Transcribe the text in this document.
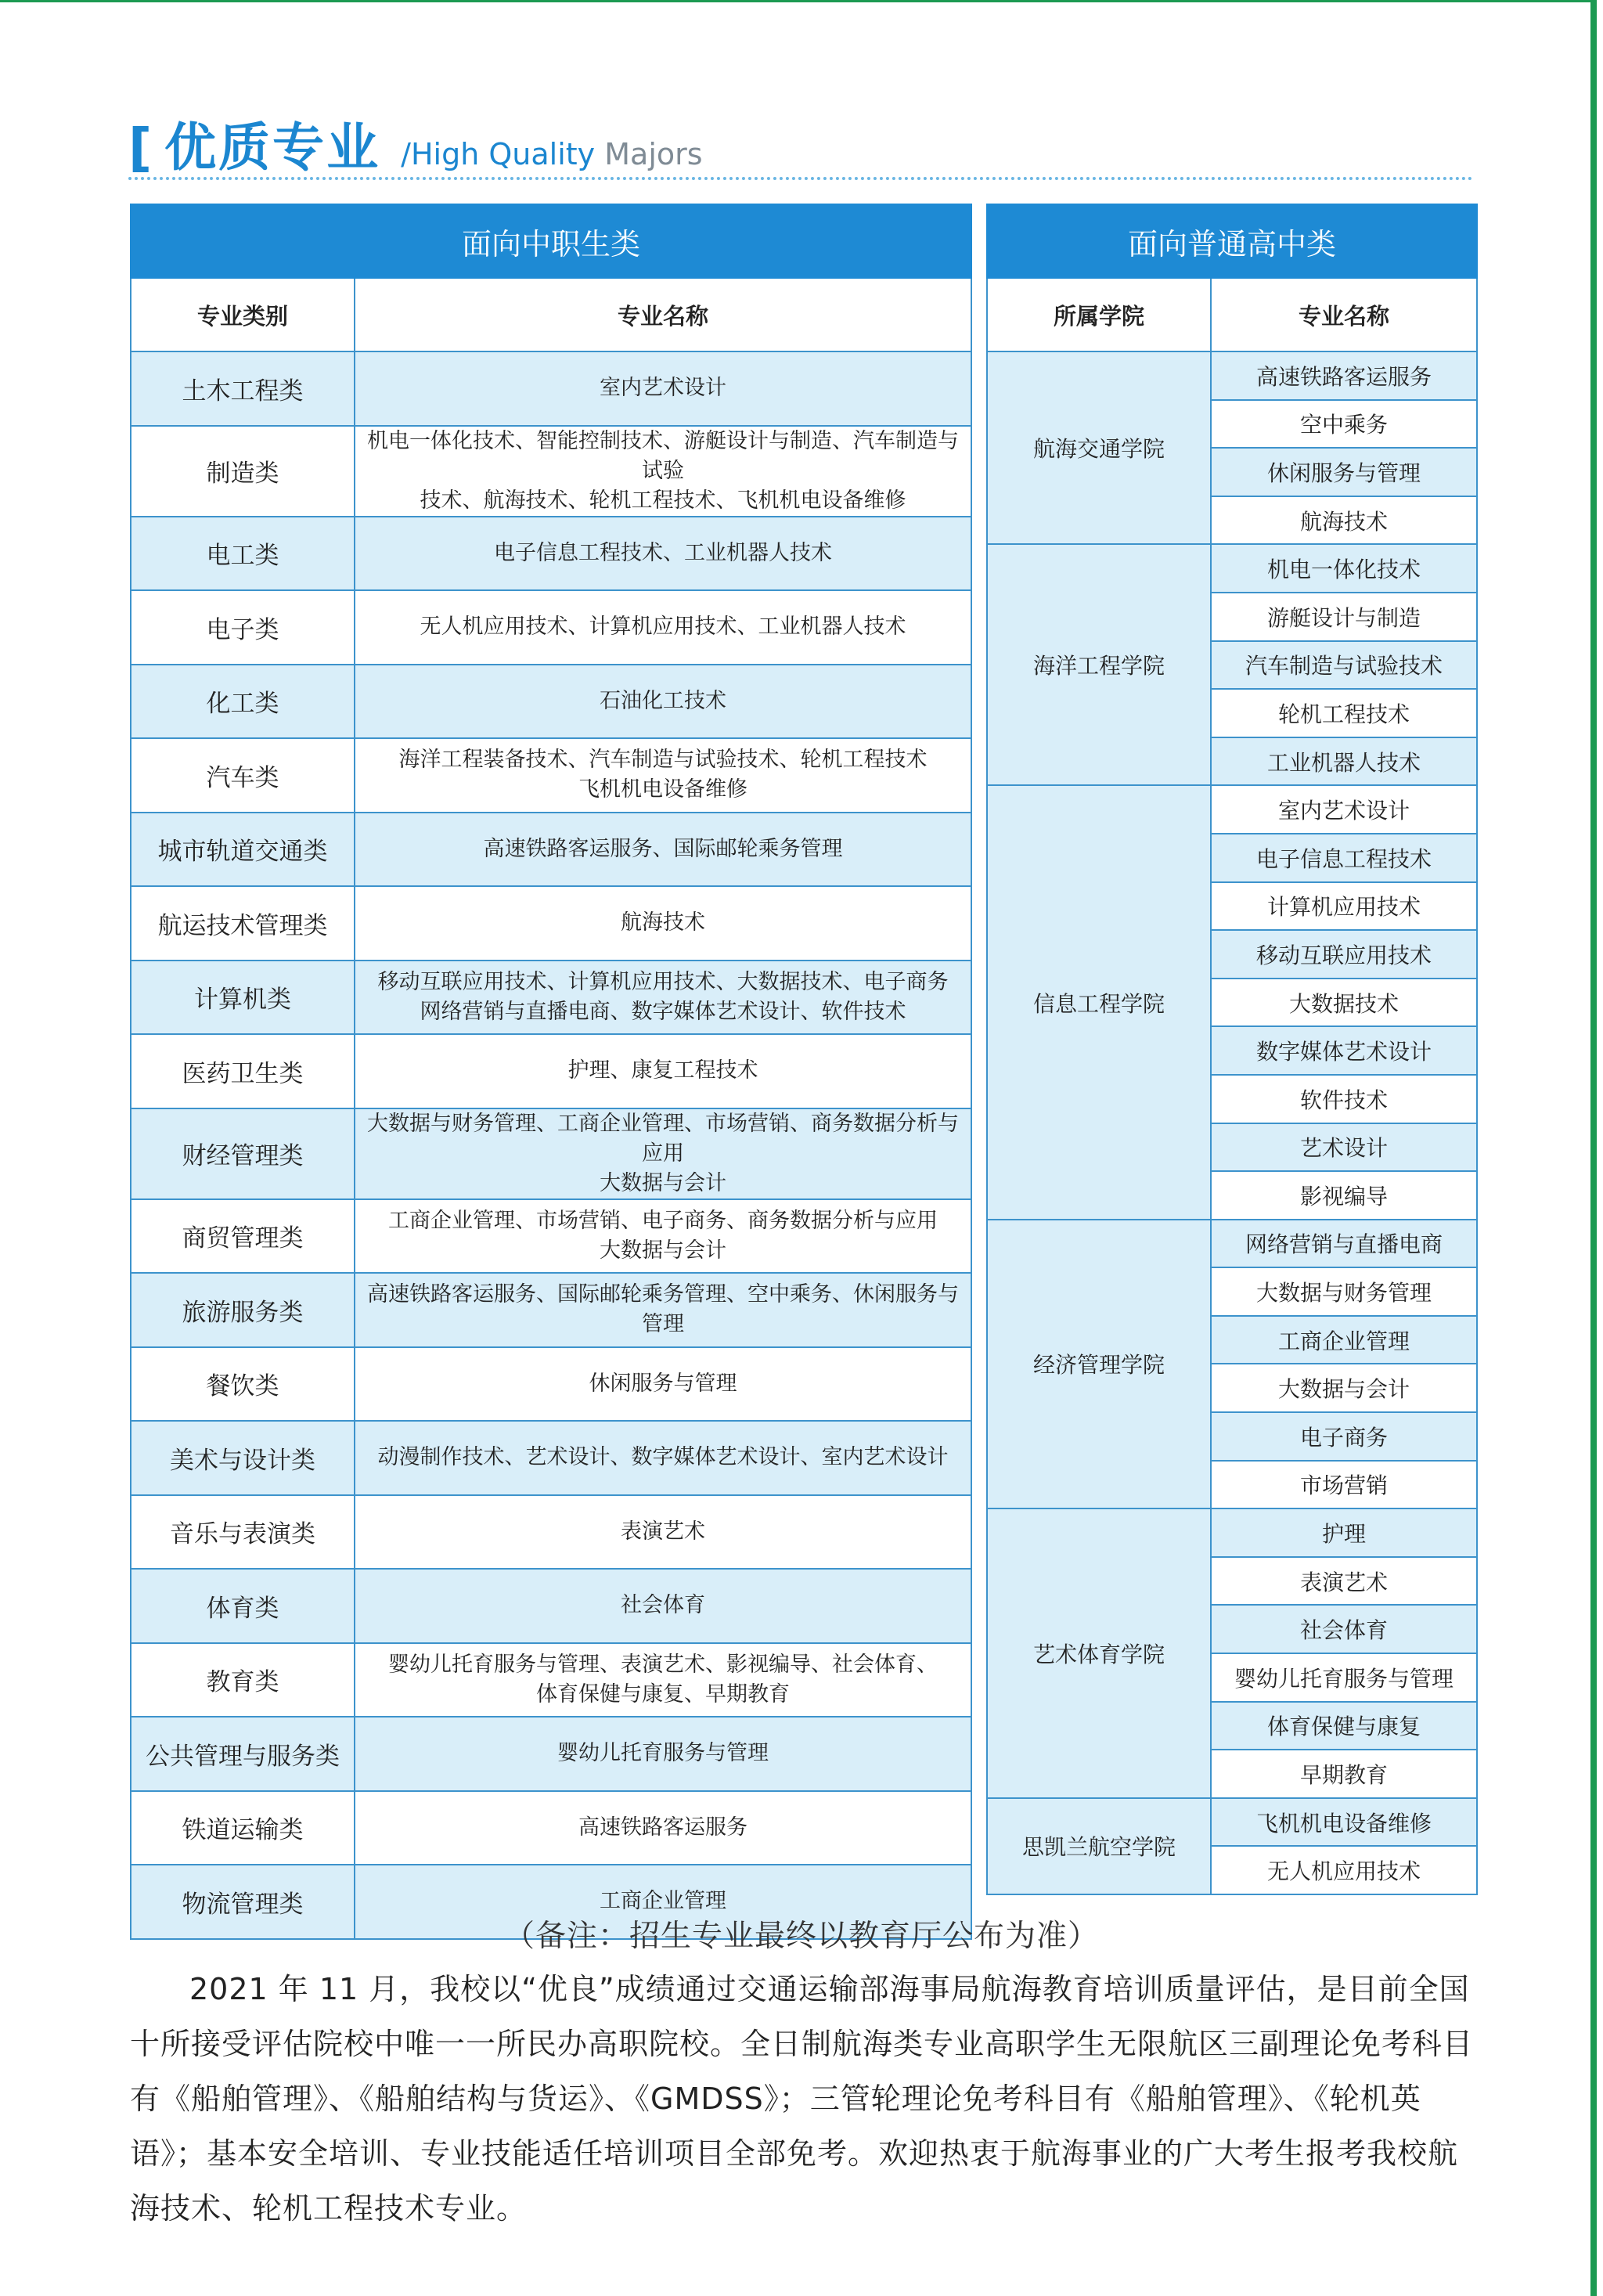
[ 优质专业 /High Quality Majors
面向中职生类	
专业类别	专业名称
土木工程类	室内艺术设计

制造类	机电一体化技术、智能控制技术、游艇设计与制造、汽车制造与试验
技术、航海技术、轮机工程技术、飞机机电设备维修

电工类	电子信息工程技术、工业机器人技术

电子类	无人机应用技术、计算机应用技术、工业机器人技术

化工类	石油化工技术

汽车类	海洋工程装备技术、汽车制造与试验技术、轮机工程技术
飞机机电设备维修

城市轨道交通类	高速铁路客运服务、国际邮轮乘务管理

航运技术管理类	航海技术

计算机类	移动互联应用技术、计算机应用技术、大数据技术、电子商务
网络营销与直播电商、数字媒体艺术设计、软件技术

医药卫生类	护理、康复工程技术

财经管理类	大数据与财务管理、工商企业管理、市场营销、商务数据分析与应用
大数据与会计

商贸管理类	工商企业管理、市场营销、电子商务、商务数据分析与应用
大数据与会计

旅游服务类	高速铁路客运服务、国际邮轮乘务管理、空中乘务、休闲服务与管理

餐饮类	休闲服务与管理

美术与设计类	动漫制作技术、艺术设计、数字媒体艺术设计、室内艺术设计

音乐与表演类	表演艺术

体育类	社会体育

教育类	婴幼儿托育服务与管理、表演艺术、影视编导、社会体育、
体育保健与康复、早期教育

公共管理与服务类	婴幼儿托育服务与管理

铁道运输类	高速铁路客运服务

物流管理类	工商企业管理
面向普通高中类	
所属学院	专业名称
航海交通学院	高速铁路客运服务
	空中乘务
	休闲服务与管理
	航海技术
海洋工程学院	机电一体化技术
	游艇设计与制造
	汽车制造与试验技术
	轮机工程技术
	工业机器人技术
信息工程学院	室内艺术设计
	电子信息工程技术
	计算机应用技术
	移动互联应用技术
	大数据技术
	数字媒体艺术设计
	软件技术
	艺术设计
	影视编导
经济管理学院	网络营销与直播电商
	大数据与财务管理
	工商企业管理
	大数据与会计
	电子商务
	市场营销
艺术体育学院	护理
	表演艺术
	社会体育
	婴幼儿托育服务与管理
	体育保健与康复
	早期教育
思凯兰航空学院	飞机机电设备维修
	无人机应用技术
（备注：招生专业最终以教育厅公布为准）
2021 年 11 月，我校以“优良”成绩通过交通运输部海事局航海教育培训质量评估，是目前全国十所接受评估院校中唯一一所民办高职院校。全日制航海类专业高职学生无限航区三副理论免考科目有《船舶管理》、《船舶结构与货运》、《GMDSS》；三管轮理论免考科目有《船舶管理》、《轮机英语》；基本安全培训、专业技能适任培训项目全部免考。欢迎热衷于航海事业的广大考生报考我校航海技术、轮机工程技术专业。
